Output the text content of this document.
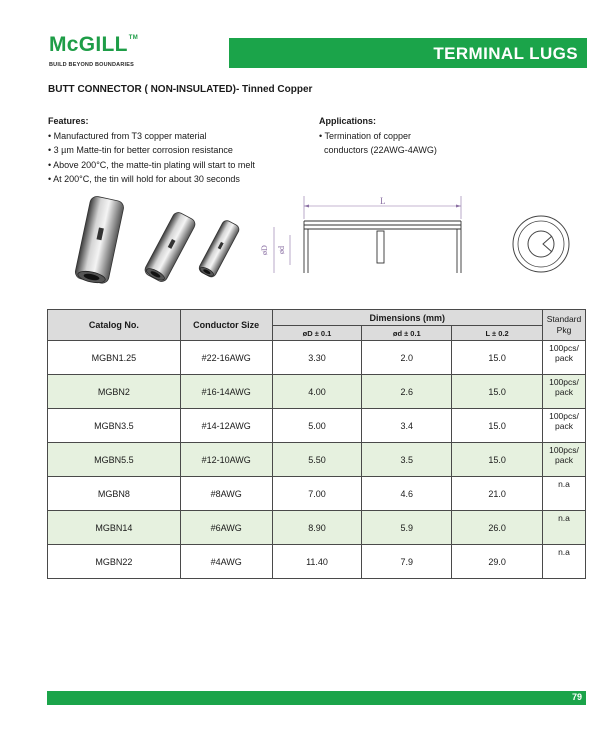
McGILL™
BUILD BEYOND BOUNDARIES
TERMINAL LUGS
BUTT CONNECTOR ( NON-INSULATED)- Tinned Copper
Features:
• Manufactured from T3 copper material
• 3 µm Matte-tin for better corrosion resistance
• Above 200°C, the matte-tin plating will start to melt
• At 200°C, the tin will hold for about 30 seconds
Applications:
• Termination of copper
conductors (22AWG-4AWG)
L
øD ød
Catalog No.	Conductor Size	Dimensions (mm)			Standard
Pkg
		øD ± 0.1	ød ± 0.1	L ± 0.2	
MGBN1.25	#22-16AWG	3.30	2.0	15.0	100pcs/
pack
MGBN2	#16-14AWG	4.00	2.6	15.0	100pcs/
pack
MGBN3.5	#14-12AWG	5.00	3.4	15.0	100pcs/
pack
MGBN5.5	#12-10AWG	5.50	3.5	15.0	100pcs/
pack
MGBN8	#8AWG	7.00	4.6	21.0	n.a

MGBN14	#6AWG	8.90	5.9	26.0	n.a

MGBN22	#4AWG	11.40	7.9	29.0	n.a

79
